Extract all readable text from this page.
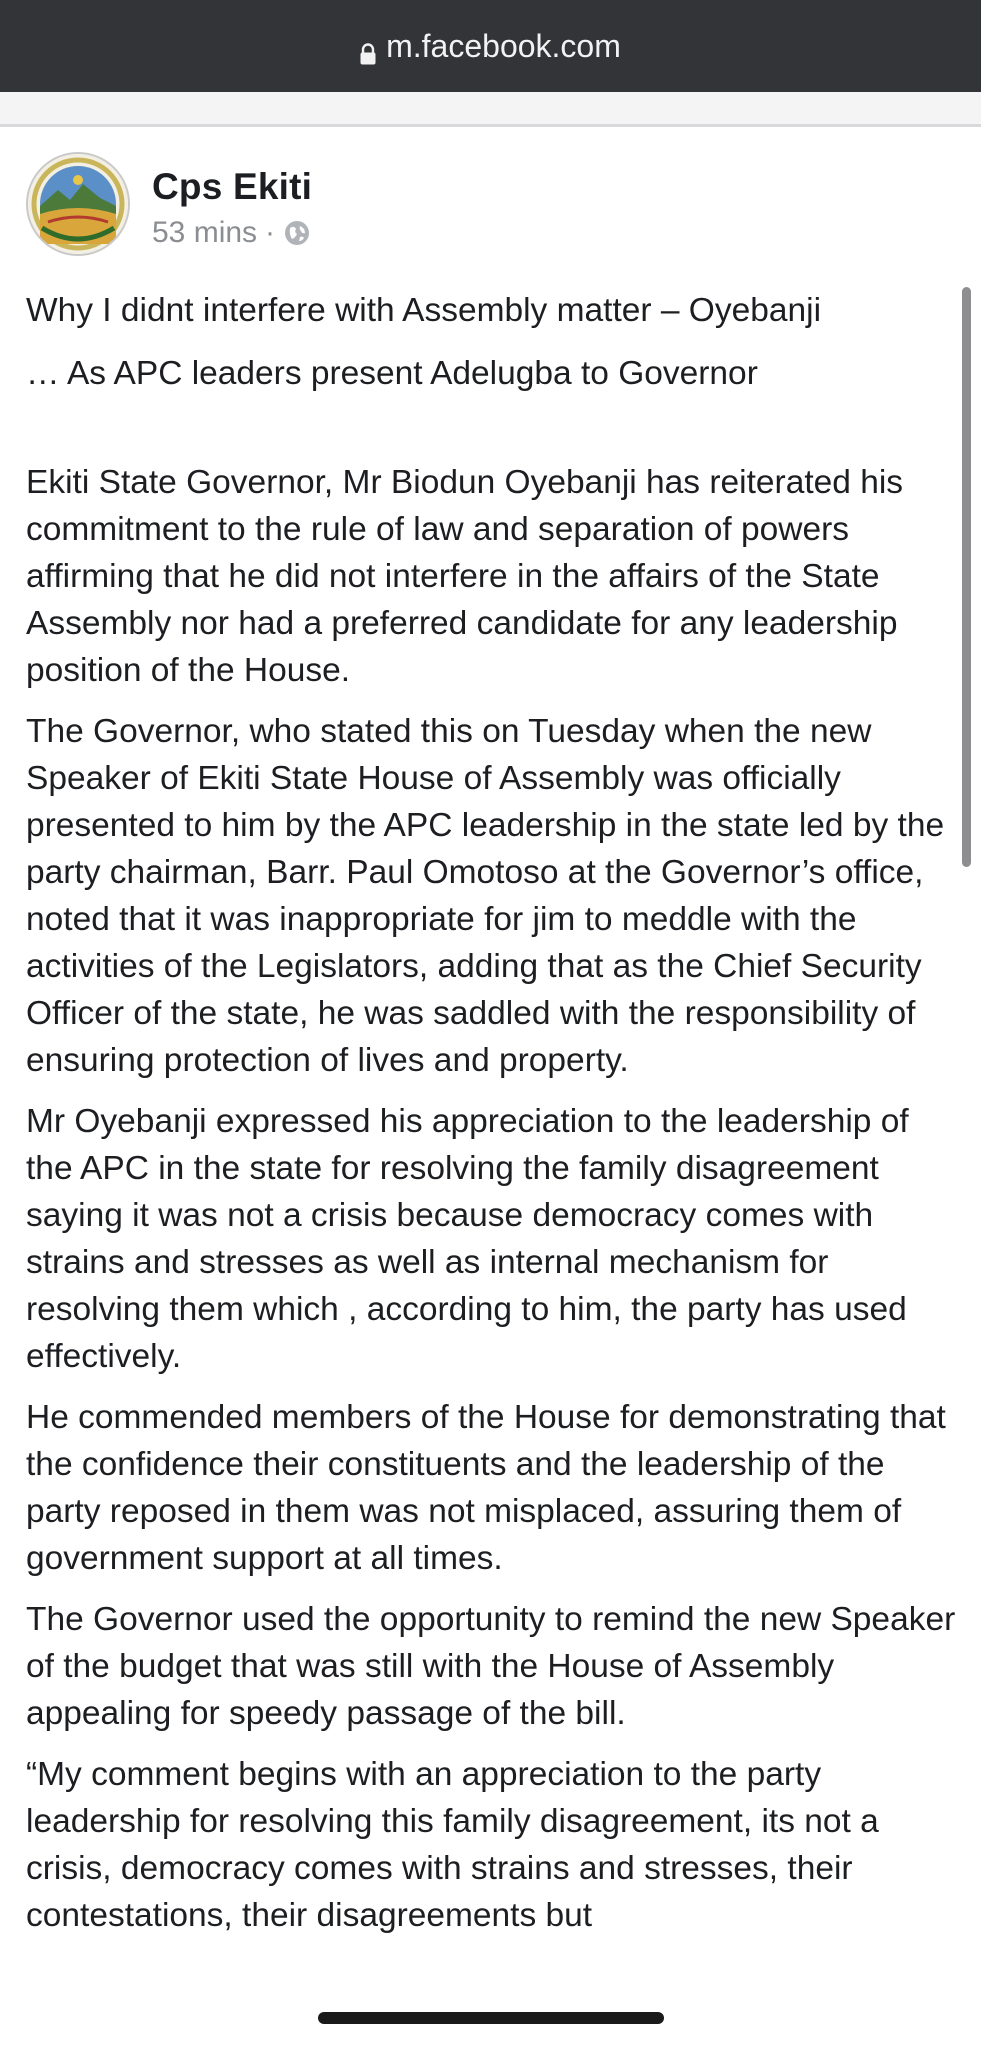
m.facebook.com
Cps Ekiti
53 mins ·

Why I didnt interfere with Assembly matter – Oyebanji

… As APC leaders present Adelugba to Governor

Ekiti State Governor, Mr Biodun Oyebanji has reiterated his commitment to the rule of law and separation of powers affirming that he did not interfere in the affairs of the State Assembly nor had a preferred candidate for any leadership position of the House.

The Governor, who stated this on Tuesday when the new Speaker of Ekiti State House of Assembly was officially presented to him by the APC leadership in the state led by the party chairman, Barr. Paul Omotoso at the Governor’s office, noted that it was inappropriate for jim to meddle with the activities of the Legislators, adding that as the Chief Security Officer of the state, he was saddled with the responsibility of ensuring protection of lives and property.

Mr Oyebanji expressed his appreciation to the leadership of the APC in the state for resolving the family disagreement saying it was not a crisis because democracy comes with strains and stresses as well as internal mechanism for resolving them which , according to him, the party has used effectively.

He commended members of the House for demonstrating that the confidence their constituents and the leadership of the party reposed in them was not misplaced, assuring them of government support at all times.

The Governor used the opportunity to remind the new Speaker of the budget that was still with the House of Assembly appealing for speedy passage of the bill.

“My comment begins with an appreciation to the party leadership for resolving this family disagreement, its not a crisis, democracy comes with strains and stresses, their contestations, their disagreements but
